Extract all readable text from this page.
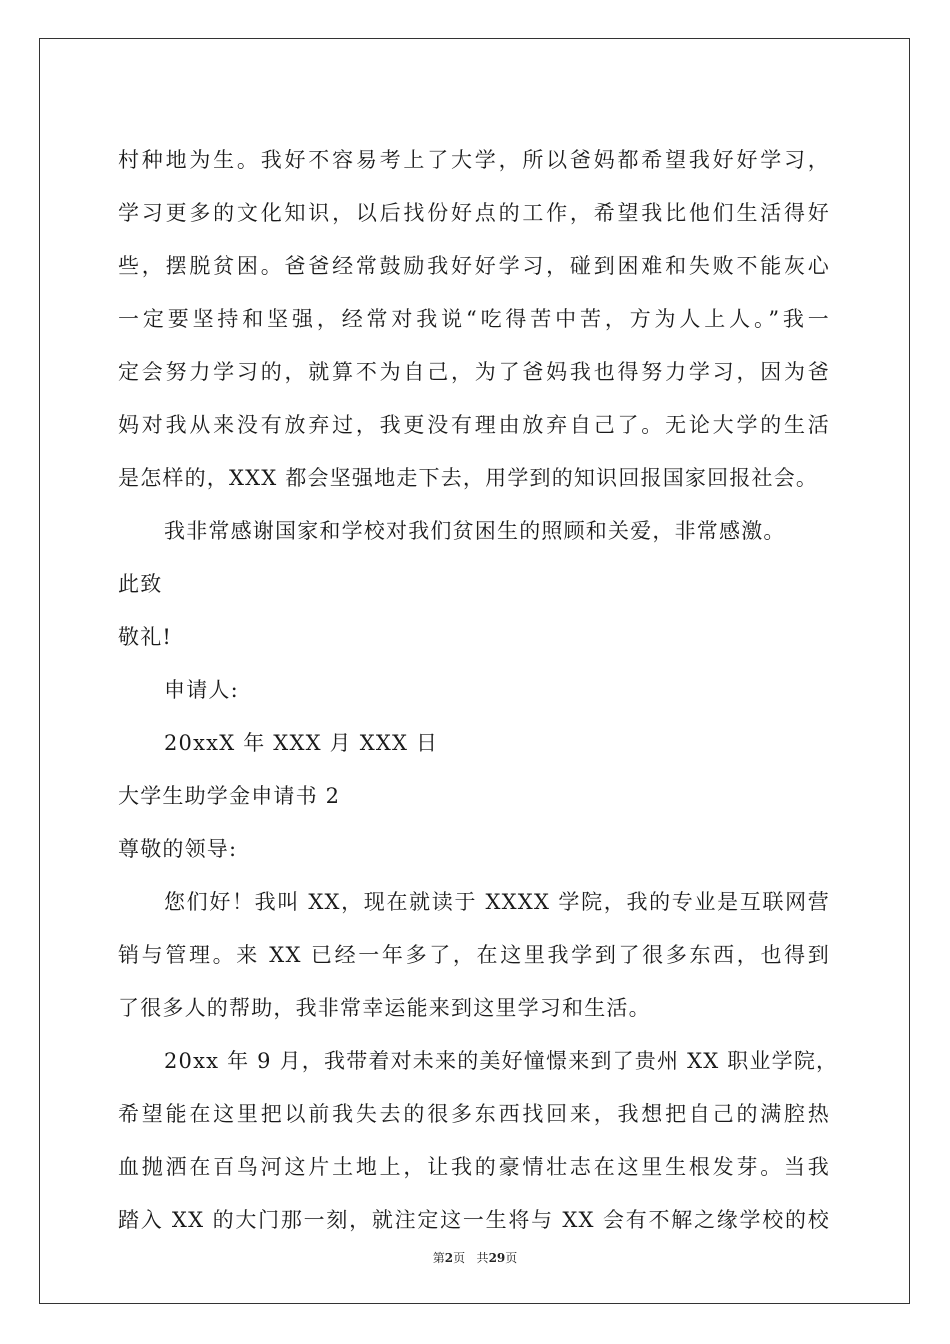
村种地为生。我好不容易考上了大学，所以爸妈都希望我好好学习，
学习更多的文化知识，以后找份好点的工作，希望我比他们生活得好
些，摆脱贫困。爸爸经常鼓励我好好学习，碰到困难和失败不能灰心
一定要坚持和坚强，经常对我说“吃得苦中苦，方为人上人。”我一
定会努力学习的，就算不为自己，为了爸妈我也得努力学习，因为爸
妈对我从来没有放弃过，我更没有理由放弃自己了。无论大学的生活
是怎样的，XXX 都会坚强地走下去，用学到的知识回报国家回报社会。
我非常感谢国家和学校对我们贫困生的照顾和关爱，非常感激。
此致
敬礼!
申请人:
20xxX 年 XXX 月 XXX 日
大学生助学金申请书 2
尊敬的领导:
您们好！我叫 XX，现在就读于 XXXX 学院，我的专业是互联网营
销与管理。来 XX 已经一年多了，在这里我学到了很多东西，也得到
了很多人的帮助，我非常幸运能来到这里学习和生活。
20xx 年 9 月，我带着对未来的美好憧憬来到了贵州 XX 职业学院，
希望能在这里把以前我失去的很多东西找回来，我想把自己的满腔热
血抛洒在百鸟河这片土地上，让我的豪情壮志在这里生根发芽。当我
踏入 XX 的大门那一刻，就注定这一生将与 XX 会有不解之缘学校的校
第2页 共29页
